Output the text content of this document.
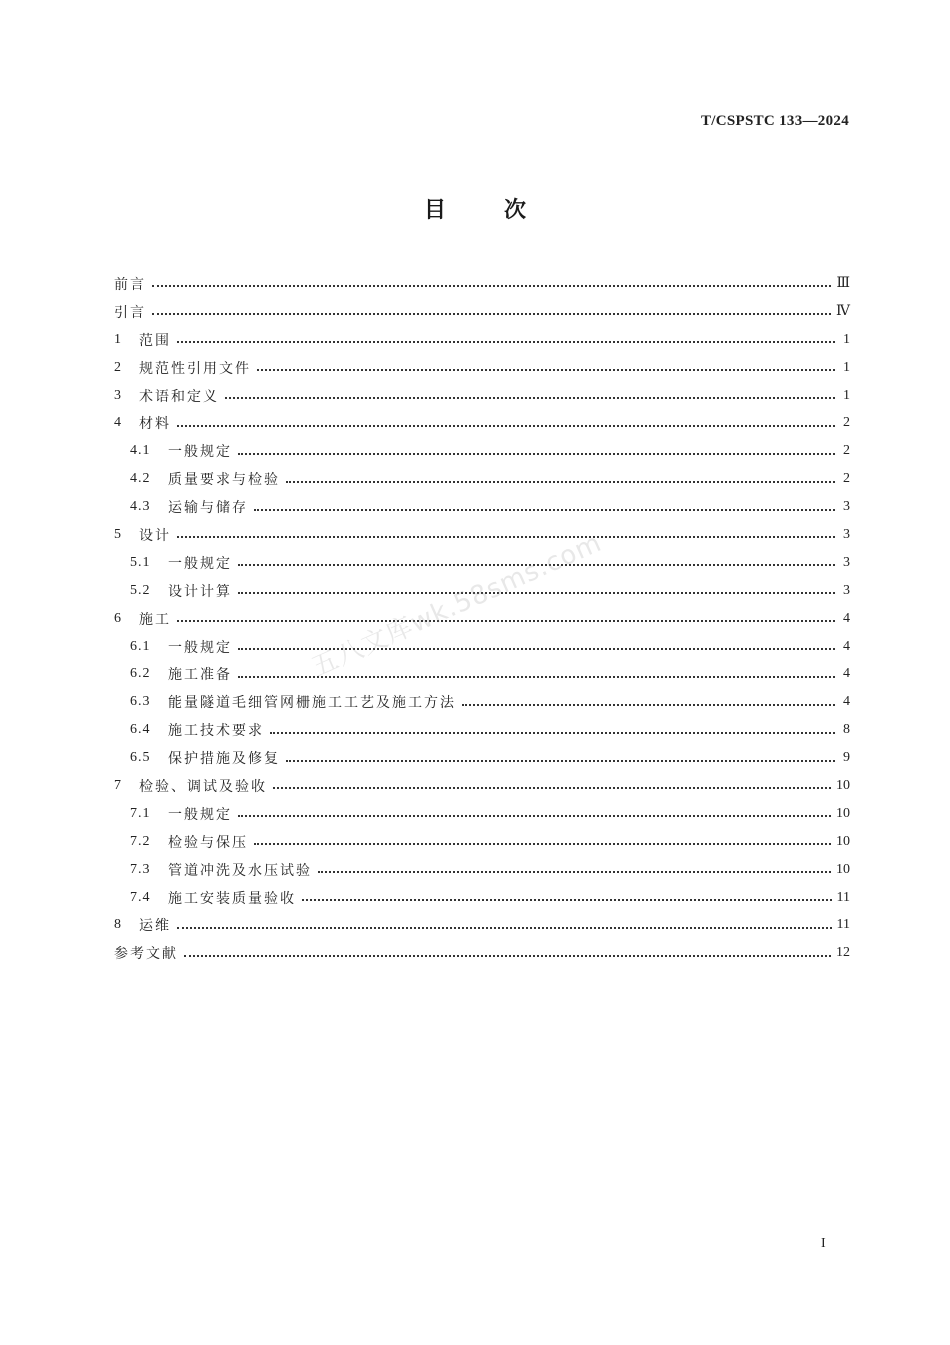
T/CSPSTC 133—2024
目次
前言	Ⅲ
引言	Ⅳ
1	范围	1
2	规范性引用文件	1
3	术语和定义	1
4	材料	2
4.1	一般规定	2
4.2	质量要求与检验	2
4.3	运输与储存	3
5	设计	3
5.1	一般规定	3
5.2	设计计算	3
6	施工	4
6.1	一般规定	4
6.2	施工准备	4
6.3	能量隧道毛细管网栅施工工艺及施工方法	4
6.4	施工技术要求	8
6.5	保护措施及修复	9
7	检验、调试及验收	10
7.1	一般规定	10
7.2	检验与保压	10
7.3	管道冲洗及水压试验	10
7.4	施工安装质量验收	11
8	运维	11
参考文献	12
五八文库wk.58sms.com
I
